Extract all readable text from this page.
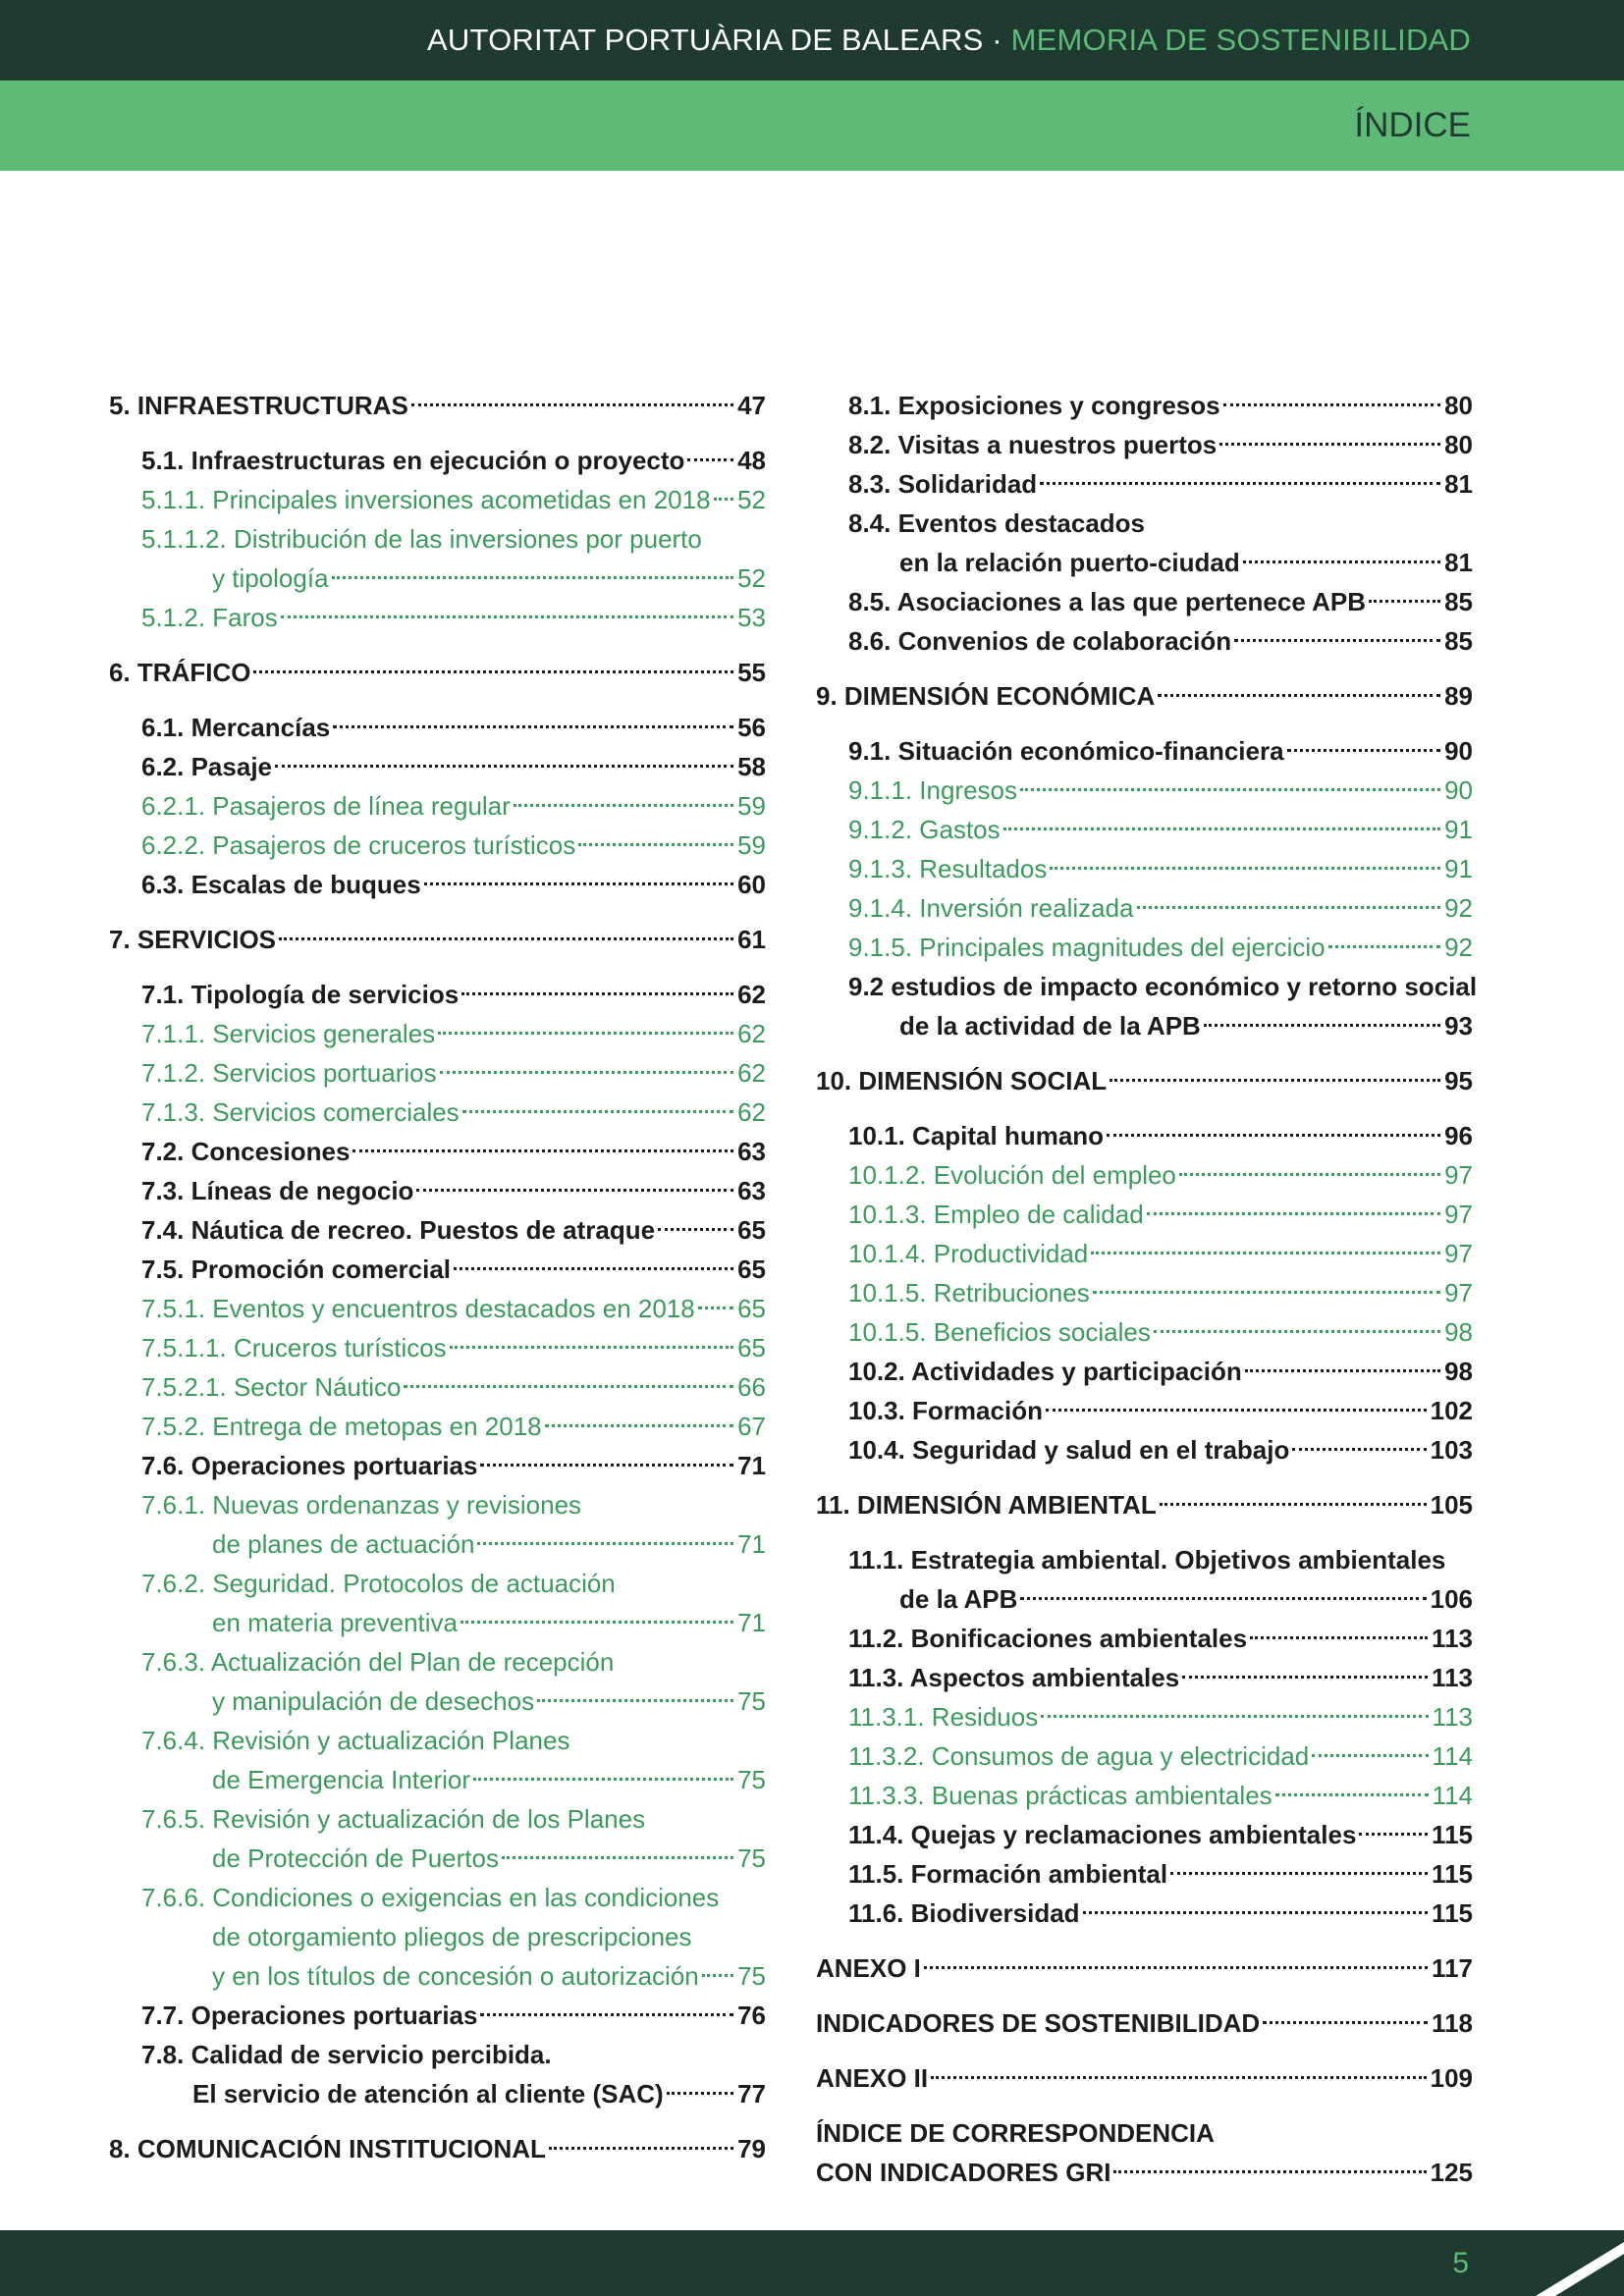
AUTORITAT PORTUÀRIA DE BALEARS · MEMORIA DE SOSTENIBILIDAD
ÍNDICE
5. INFRAESTRUCTURAS	47
5.1. Infraestructuras en ejecución o proyecto 48
5.1.1. Principales inversiones acometidas en 2018 52
5.1.1.2. Distribución de las inversiones por puerto
y tipología	52
5.1.2. Faros	53
6. TRÁFICO	55
6.1. Mercancías	56
6.2. Pasaje	58
6.2.1. Pasajeros de línea regular	59
6.2.2. Pasajeros de cruceros turísticos	59
6.3. Escalas de buques	60
7. SERVICIOS	61
7.1. Tipología de servicios	62
7.1.1. Servicios generales	62
7.1.2. Servicios portuarios	62
7.1.3. Servicios comerciales	62
7.2. Concesiones	63
7.3. Líneas de negocio	63
7.4. Náutica de recreo. Puestos de atraque	65
7.5. Promoción comercial	65
7.5.1. Eventos y encuentros destacados en 2018 65
7.5.1.1. Cruceros turísticos	65
7.5.2.1. Sector Náutico	66
7.5.2. Entrega de metopas en 2018	67
7.6. Operaciones portuarias	71
7.6.1. Nuevas ordenanzas y revisiones
de planes de actuación	71
7.6.2. Seguridad. Protocolos de actuación
en materia preventiva	71
7.6.3. Actualización del Plan de recepción
y manipulación de desechos	75
7.6.4. Revisión y actualización Planes
de Emergencia Interior	75
7.6.5. Revisión y actualización de los Planes
de Protección de Puertos	75
7.6.6. Condiciones o exigencias en las condiciones
de otorgamiento pliegos de prescripciones
y en los títulos de concesión o autorización 75
7.7. Operaciones portuarias	76
7.8. Calidad de servicio percibida.
El servicio de atención al cliente (SAC)	77
8. COMUNICACIÓN INSTITUCIONAL	79
8.1. Exposiciones y congresos	80
8.2. Visitas a nuestros puertos	80
8.3. Solidaridad	81
8.4. Eventos destacados
en la relación puerto-ciudad	81
8.5. Asociaciones a las que pertenece APB	85
8.6. Convenios de colaboración	85
9. DIMENSIÓN ECONÓMICA	89
9.1. Situación económico-financiera	90
9.1.1. Ingresos	90
9.1.2. Gastos	91
9.1.3. Resultados	91
9.1.4. Inversión realizada	92
9.1.5. Principales magnitudes del ejercicio	92
9.2 estudios de impacto económico y retorno social
de la actividad de la APB	93
10. DIMENSIÓN SOCIAL	95
10.1. Capital humano	96
10.1.2. Evolución del empleo	97
10.1.3. Empleo de calidad	97
10.1.4. Productividad	97
10.1.5. Retribuciones	97
10.1.5. Beneficios sociales	98
10.2. Actividades y participación	98
10.3. Formación	102
10.4. Seguridad y salud en el trabajo	103
11. DIMENSIÓN AMBIENTAL	105
11.1. Estrategia ambiental. Objetivos ambientales
de la APB	106
11.2. Bonificaciones ambientales	113
11.3. Aspectos ambientales	113
11.3.1. Residuos	113
11.3.2. Consumos de agua y electricidad	114
11.3.3. Buenas prácticas ambientales	114
11.4. Quejas y reclamaciones ambientales	115
11.5. Formación ambiental	115
11.6. Biodiversidad	115
ANEXO I	117
INDICADORES DE SOSTENIBILIDAD	118
ANEXO II	109
ÍNDICE DE CORRESPONDENCIA
CON INDICADORES GRI	125
5
